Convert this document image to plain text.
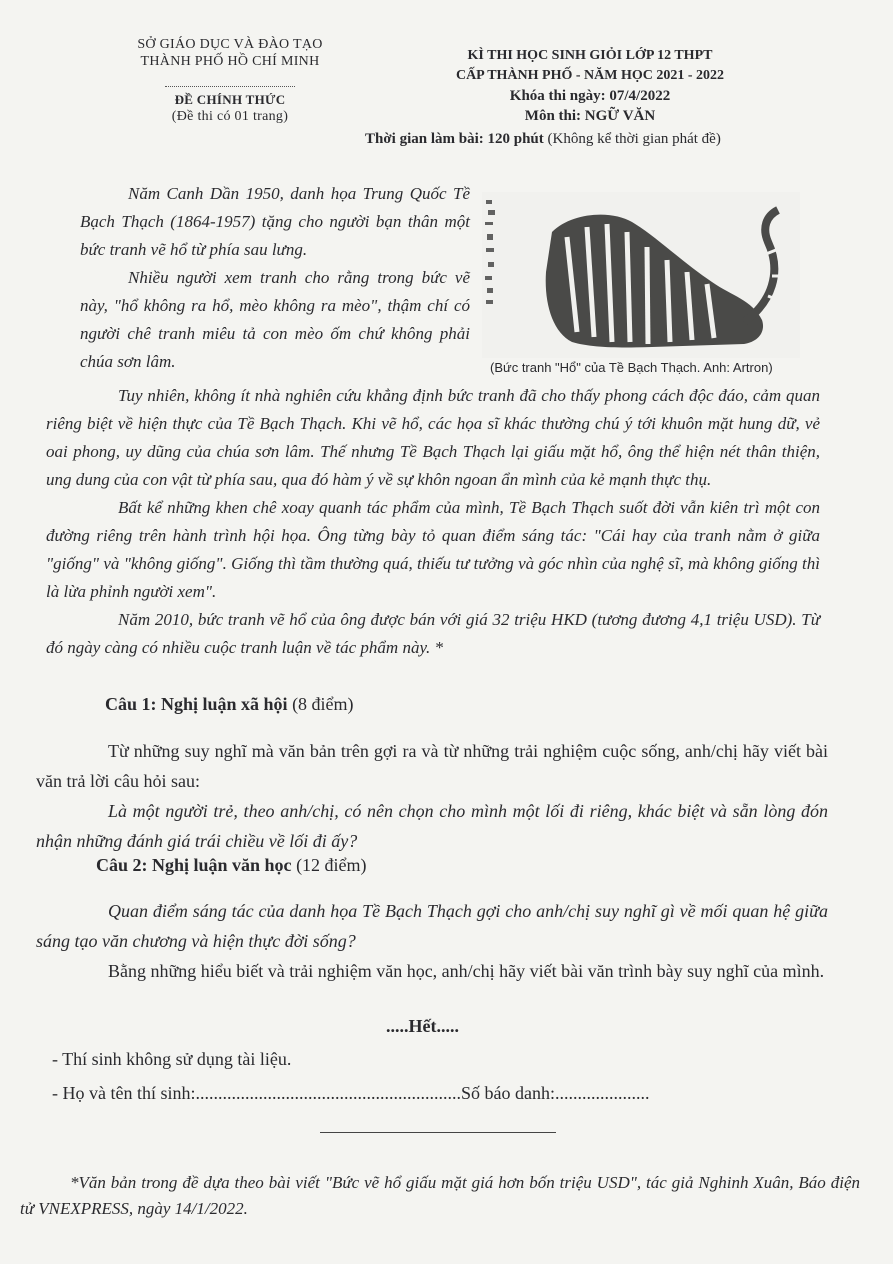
SỞ GIÁO DỤC VÀ ĐÀO TẠO
THÀNH PHỐ HỒ CHÍ MINH
ĐỀ CHÍNH THỨC
(Đề thi có 01 trang)
KÌ THI HỌC SINH GIỎI LỚP 12 THPT
CẤP THÀNH PHỐ - NĂM HỌC 2021 - 2022
Khóa thi ngày: 07/4/2022
Môn thi: NGỮ VĂN
Thời gian làm bài: 120 phút (Không kể thời gian phát đề)

Năm Canh Dần 1950, danh họa Trung Quốc Tề Bạch Thạch (1864-1957) tặng cho người bạn thân một bức tranh vẽ hổ từ phía sau lưng.

Nhiều người xem tranh cho rằng trong bức vẽ này, "hổ không ra hổ, mèo không ra mèo", thậm chí có người chê tranh miêu tả con mèo ốm chứ không phải chúa sơn lâm.	(Bức tranh "Hổ" của Tề Bạch Thạch. Anh: Artron)

Tuy nhiên, không ít nhà nghiên cứu khẳng định bức tranh đã cho thấy phong cách độc đáo, cảm quan riêng biệt về hiện thực của Tề Bạch Thạch. Khi vẽ hổ, các họa sĩ khác thường chú ý tới khuôn mặt hung dữ, vẻ oai phong, uy dũng của chúa sơn lâm. Thế nhưng Tề Bạch Thạch lại giấu mặt hổ, ông thể hiện nét thân thiện, ung dung của con vật từ phía sau, qua đó hàm ý về sự khôn ngoan ẩn mình của kẻ mạnh thực thụ.

Bất kể những khen chê xoay quanh tác phẩm của mình, Tề Bạch Thạch suốt đời vẫn kiên trì một con đường riêng trên hành trình hội họa. Ông từng bày tỏ quan điểm sáng tác: "Cái hay của tranh nằm ở giữa "giống" và "không giống". Giống thì tầm thường quá, thiếu tư tưởng và góc nhìn của nghệ sĩ, mà không giống thì là lừa phỉnh người xem".

Năm 2010, bức tranh vẽ hổ của ông được bán với giá 32 triệu HKD (tương đương 4,1 triệu USD). Từ đó ngày càng có nhiều cuộc tranh luận về tác phẩm này. *

Câu 1: Nghị luận xã hội (8 điểm)

Từ những suy nghĩ mà văn bản trên gợi ra và từ những trải nghiệm cuộc sống, anh/chị hãy viết bài văn trả lời câu hỏi sau:

Là một người trẻ, theo anh/chị, có nên chọn cho mình một lối đi riêng, khác biệt và sẵn lòng đón nhận những đánh giá trái chiều về lối đi ấy?

Câu 2: Nghị luận văn học (12 điểm)

Quan điểm sáng tác của danh họa Tề Bạch Thạch gợi cho anh/chị suy nghĩ gì về mối quan hệ giữa sáng tạo văn chương và hiện thực đời sống?

Bằng những hiểu biết và trải nghiệm văn học, anh/chị hãy viết bài văn trình bày suy nghĩ của mình.

.....Hết.....
- Thí sinh không sử dụng tài liệu.
- Họ và tên thí sinh:...........................................................Số báo danh:.....................
*Văn bản trong đề dựa theo bài viết "Bức vẽ hổ giấu mặt giá hơn bốn triệu USD", tác giả Nghinh Xuân, Báo điện tử VNEXPRESS, ngày 14/1/2022.
